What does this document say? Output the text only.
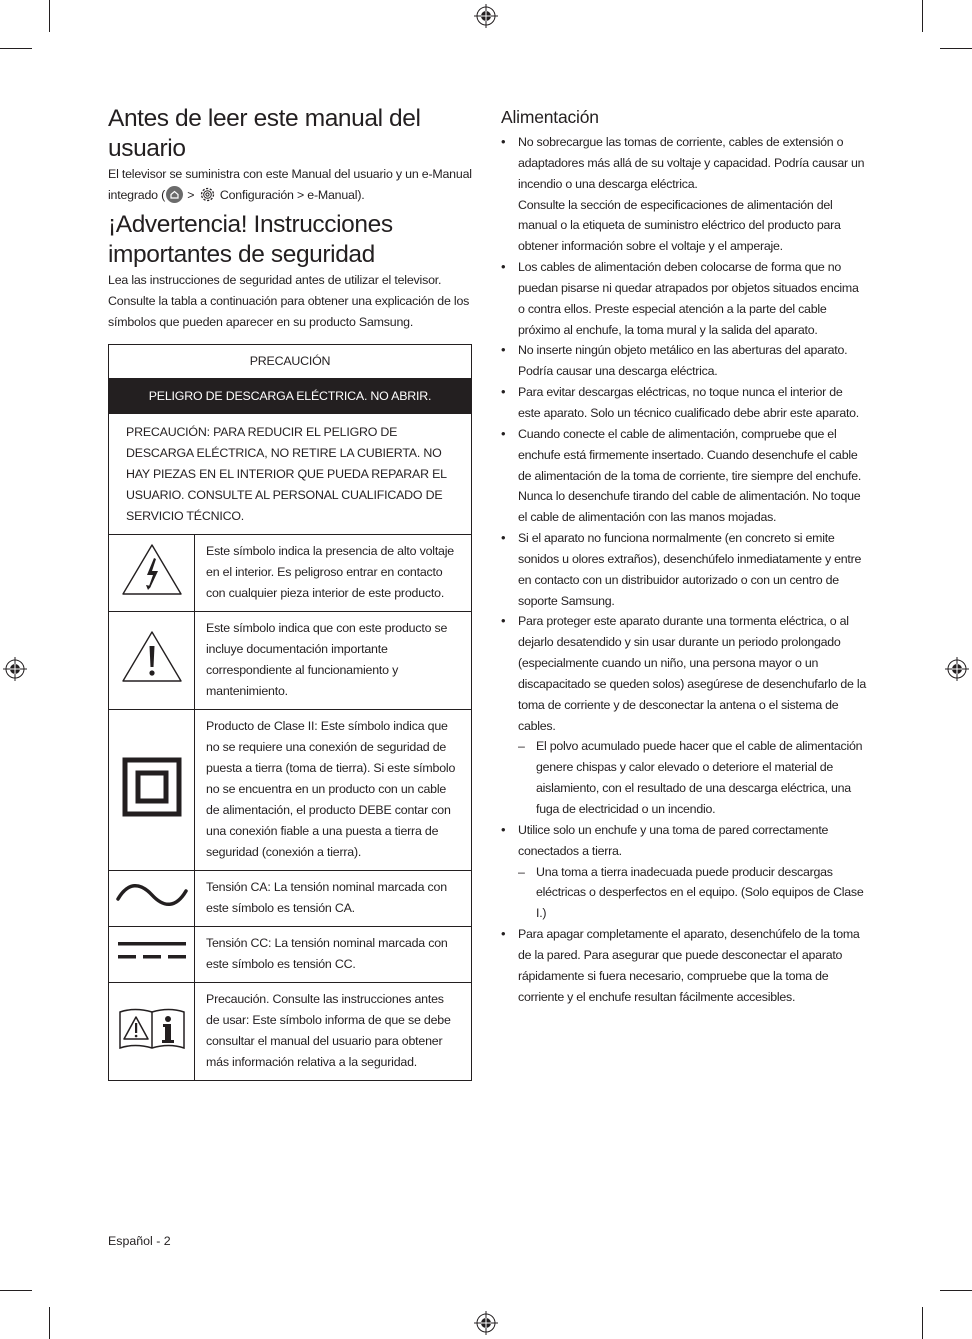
Antes de leer este manual del usuario

El televisor se suministra con este Manual del usuario y un e-Manual integrado ( > Configuración > e-Manual).

¡Advertencia! Instrucciones importantes de seguridad

Lea las instrucciones de seguridad antes de utilizar el televisor. Consulte la tabla a continuación para obtener una explicación de los símbolos que pueden aparecer en su producto Samsung.

PRECAUCIÓN	
PELIGRO DE DESCARGA ELÉCTRICA. NO ABRIR.	
PRECAUCIÓN: PARA REDUCIR EL PELIGRO DE DESCARGA ELÉCTRICA, NO RETIRE LA CUBIERTA. NO HAY PIEZAS EN EL INTERIOR QUE PUEDA REPARAR EL USUARIO. CONSULTE AL PERSONAL CUALIFICADO DE SERVICIO TÉCNICO.	
	Este símbolo indica la presencia de alto voltaje en el interior. Es peligroso entrar en contacto con cualquier pieza interior de este producto.
	Este símbolo indica que con este producto se incluye documentación importante correspondiente al funcionamiento y mantenimiento.
	Producto de Clase II: Este símbolo indica que no se requiere una conexión de seguridad de puesta a tierra (toma de tierra). Si este símbolo no se encuentra en un producto con un cable de alimentación, el producto DEBE contar con una conexión fiable a una puesta a tierra de seguridad (conexión a tierra).
	Tensión CA: La tensión nominal marcada con este símbolo es tensión CA.
	Tensión CC: La tensión nominal marcada con este símbolo es tensión CC.
	Precaución. Consulte las instrucciones antes de usar: Este símbolo informa de que se debe consultar el manual del usuario para obtener más información relativa a la seguridad.
Alimentación
• No sobrecargue las tomas de corriente, cables de extensión o adaptadores más allá de su voltaje y capacidad. Podría causar un incendio o una descarga eléctrica.
Consulte la sección de especificaciones de alimentación del manual o la etiqueta de suministro eléctrico del producto para obtener información sobre el voltaje y el amperaje.
• Los cables de alimentación deben colocarse de forma que no puedan pisarse ni quedar atrapados por objetos situados encima o contra ellos. Preste especial atención a la parte del cable próximo al enchufe, la toma mural y la salida del aparato.
• No inserte ningún objeto metálico en las aberturas del aparato. Podría causar una descarga eléctrica.
• Para evitar descargas eléctricas, no toque nunca el interior de este aparato. Solo un técnico cualificado debe abrir este aparato.
• Cuando conecte el cable de alimentación, compruebe que el enchufe está firmemente insertado. Cuando desenchufe el cable de alimentación de la toma de corriente, tire siempre del enchufe. Nunca lo desenchufe tirando del cable de alimentación. No toque el cable de alimentación con las manos mojadas.
• Si el aparato no funciona normalmente (en concreto si emite sonidos u olores extraños), desenchúfelo inmediatamente y entre en contacto con un distribuidor autorizado o con un centro de soporte Samsung.
• Para proteger este aparato durante una tormenta eléctrica, o al dejarlo desatendido y sin usar durante un periodo prolongado (especialmente cuando un niño, una persona mayor o un discapacitado se queden solos) asegúrese de desenchufarlo de la toma de corriente y de desconectar la antena o el sistema de cables.
– El polvo acumulado puede hacer que el cable de alimentación genere chispas y calor elevado o deteriore el material de aislamiento, con el resultado de una descarga eléctrica, una fuga de electricidad o un incendio.
• Utilice solo un enchufe y una toma de pared correctamente conectados a tierra.
– Una toma a tierra inadecuada puede producir descargas eléctricas o desperfectos en el equipo. (Solo equipos de Clase I.)
• Para apagar completamente el aparato, desenchúfelo de la toma de la pared. Para asegurar que puede desconectar el aparato rápidamente si fuera necesario, compruebe que la toma de corriente y el enchufe resultan fácilmente accesibles.
Español - 2
